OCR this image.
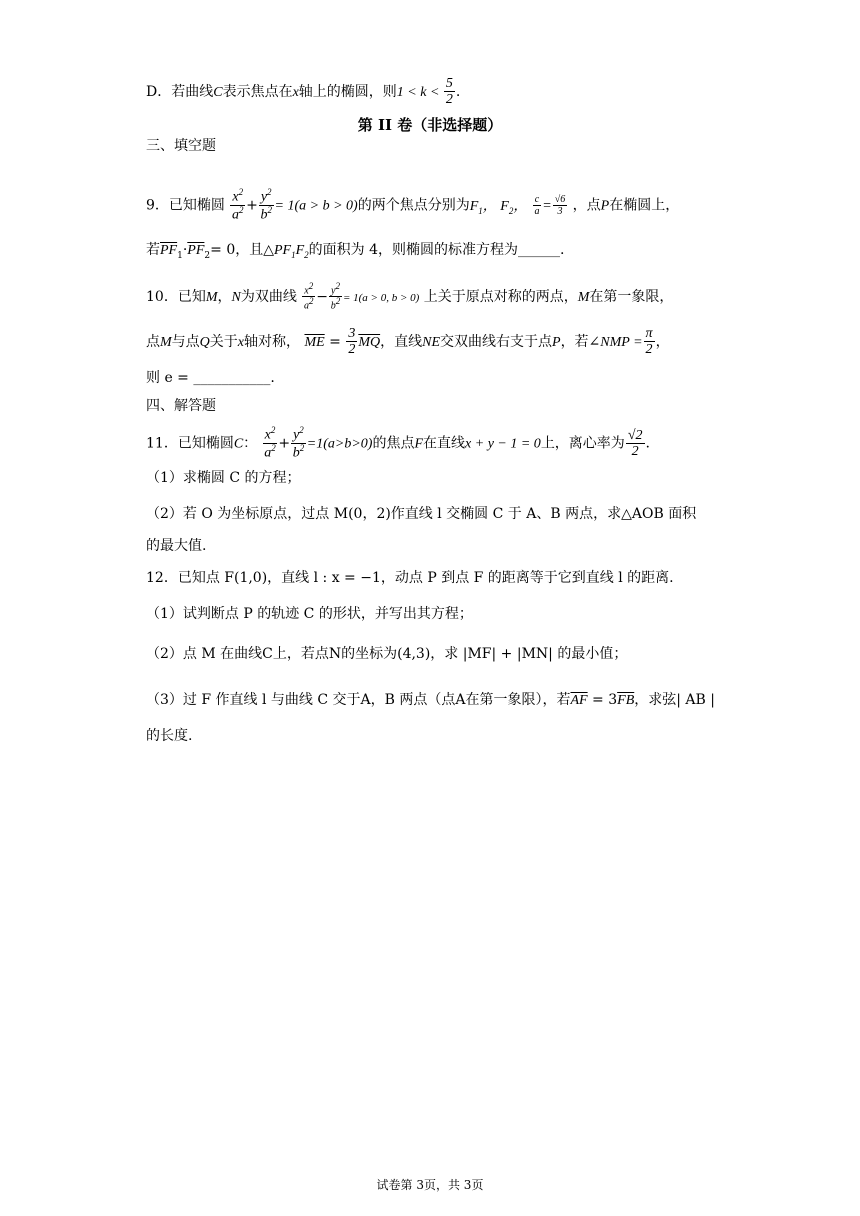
D．若曲线C表示焦点在x轴上的椭圆，则$1 < k < \frac{5}{2}$ .
第 II 卷（非选择题）
三、填空题
9．已知椭圆 $\frac{x^2}{a^2} + \frac{y^2}{b^2} = 1(a > b > 0)$的两个焦点分别为$F_1$， $F_2$， $\frac{c}{a} = \frac{√6}{3}$ ，点P在椭圆上，
若$\overline{PF}_1\cdot\overline{PF}_2= 0$，且$\triangle PF_1F_2$的面积为 4，则椭圆的标准方程为______.
10．已知M，N为双曲线 $\frac{x^2}{a^2} - \frac{y^2}{b^2} = 1(a > 0$, b > 0) 上关于原点对称的两点，M在第一象限，
点M与点Q关于x轴对称， $\overline{ME} = \frac{3}{2} \overline{MQ}$，直线NE交双曲线右支于点P，若∠NMP = $\frac{\pi}{2}$ ，
则 e = ___________.
四、解答题
11．已知椭圆C： $\frac{x^2}{a^2} + \frac{y^2}{b^2} =1(a>b>0)$的焦点F在直线x + y − 1 = 0上，离心率为 $\frac{√2}{2}$ .
（1）求椭圆 C 的方程；
（2）若 O 为坐标原点，过点 M(0，2)作直线 l 交椭圆 C 于 A、B 两点，求△AOB 面积
的最大值.
12．已知点 F(1,0)，直线 l : x = −1，动点 P 到点 F 的距离等于它到直线 l 的距离.
（1）试判断点 P 的轨迹 C 的形状，并写出其方程；
（2）点 M 在曲线C上，若点N的坐标为(4,3)，求 |MF| + |MN| 的最小值；
（3）过 F 作直线 l 与曲线 C 交于A，B 两点（点A在第一象限），若$\overline{AF} = 3\overline{FB}$，求弦| AB |
的长度.
试卷第 3页，共 3页
